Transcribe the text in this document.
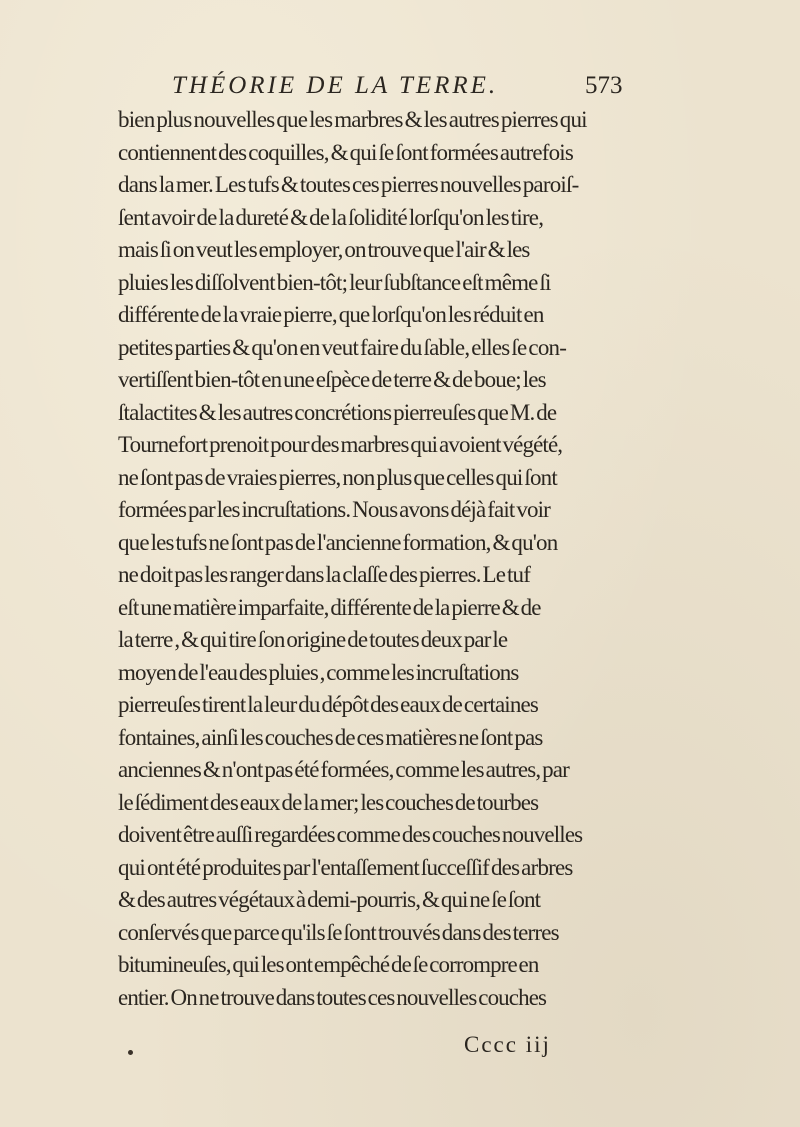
THÉORIE DE LA TERRE.	573
bien plus nouvelles que les marbres & les autres pierres qui
contiennent des coquilles, & qui ſe ſont formées autrefois
dans la mer. Les tufs & toutes ces pierres nouvelles paroiſ-
ſent avoir de la dureté & de la ſolidité lorſqu'on les tire,
mais ſi on veut les employer, on trouve que l'air & les
pluies les diſſolvent bien-tôt; leur ſubſtance eſt même ſi
différente de la vraie pierre, que lorſqu'on les réduit en
petites parties & qu'on en veut faire du ſable, elles ſe con-
vertiſſent bien-tôt en une eſpèce de terre & de boue; les
ſtalactites & les autres concrétions pierreuſes que M. de
Tournefort prenoit pour des marbres qui avoient végété,
ne ſont pas de vraies pierres, non plus que celles qui ſont
formées par les incruſtations. Nous avons déjà fait voir
que les tufs ne ſont pas de l'ancienne formation, & qu'on
ne doit pas les ranger dans la claſſe des pierres. Le tuf
eſt une matière imparfaite, différente de la pierre & de
la terre , & qui tire ſon origine de toutes deux par le
moyen de l'eau des pluies , comme les incruſtations
pierreuſes tirent la leur du dépôt des eaux de certaines
fontaines, ainſi les couches de ces matières ne ſont pas
anciennes & n'ont pas été formées, comme les autres, par
le ſédiment des eaux de la mer; les couches de tourbes
doivent être auſſi regardées comme des couches nouvelles
qui ont été produites par l'entaſſement ſucceſſif des arbres
& des autres végétaux à demi-pourris, & qui ne ſe ſont
conſervés que parce qu'ils ſe ſont trouvés dans des terres
bitumineuſes, qui les ont empêché de ſe corrompre en
entier. On ne trouve dans toutes ces nouvelles couches
Cccc iij
